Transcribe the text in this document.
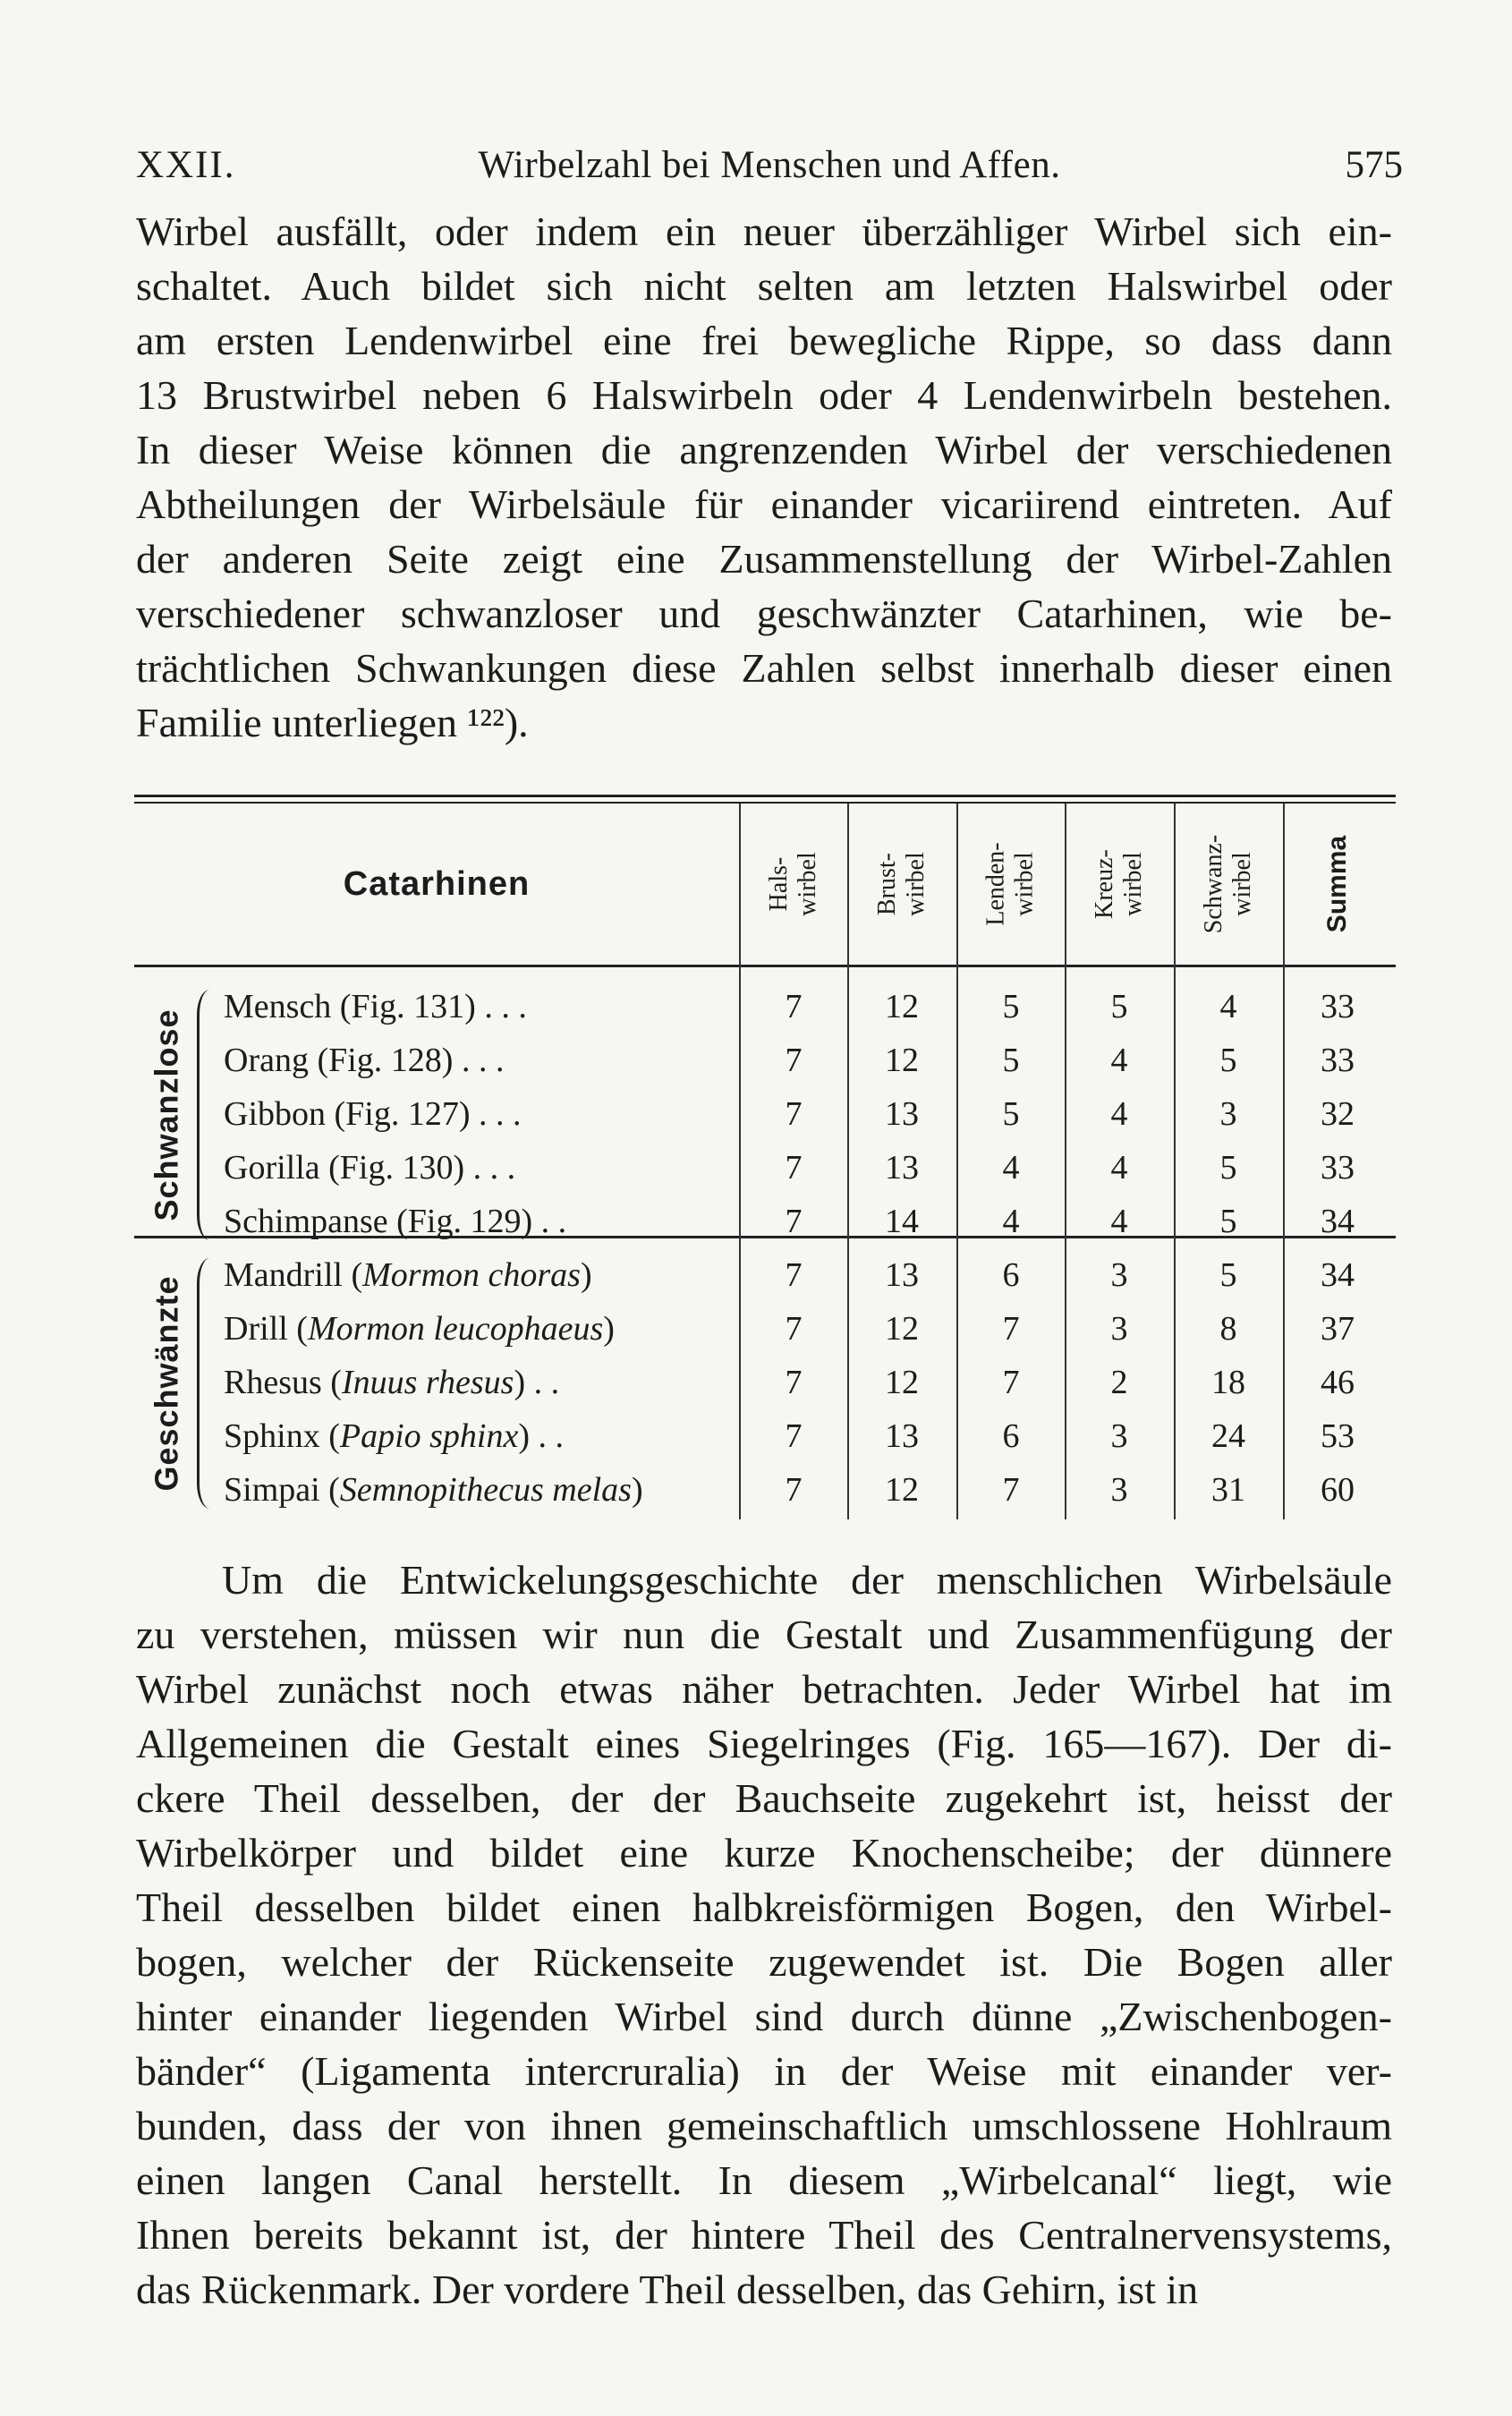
XXII.	Wirbelzahl bei Menschen und Affen.	575

Wirbel ausfällt, oder indem ein neuer überzähliger Wirbel sich ein-

schaltet. Auch bildet sich nicht selten am letzten Halswirbel oder

am ersten Lendenwirbel eine frei bewegliche Rippe, so dass dann

13 Brustwirbel neben 6 Halswirbeln oder 4 Lendenwirbeln bestehen.

In dieser Weise können die angrenzenden Wirbel der verschiedenen

Abtheilungen der Wirbelsäule für einander vicariirend eintreten. Auf

der anderen Seite zeigt eine Zusammenstellung der Wirbel-Zahlen

verschiedener schwanzloser und geschwänzter Catarhinen, wie be-

trächtlichen Schwankungen diese Zahlen selbst innerhalb dieser einen

Familie unterliegen ¹²²).

Catarhinen	Hals-
wirbel Brust-
wirbel Lenden-
wirbel Kreuz-
wirbel Schwanz-
wirbel Summa
Schwanzlose
Mensch (Fig. 131) . . .	7	12	5	5	4	33
Orang (Fig. 128) . . .	7	12	5	4	5	33
Gibbon (Fig. 127) . . .	7	13	5	4	3	32
Gorilla (Fig. 130) . . .	7	13	4	4	5	33
Schimpanse (Fig. 129) . .	7	14	4	4	5	34
Geschwänzte
Mandrill (Mormon choras)	7	13	6	3	5	34
Drill (Mormon leucophaeus)	7	12	7	3	8	37
Rhesus (Inuus rhesus) . .	7	12	7	2	18	46
Sphinx (Papio sphinx) . .	7	13	6	3	24	53
Simpai (Semnopithecus melas)	7	12	7	3	31	60

Um die Entwickelungsgeschichte der menschlichen Wirbelsäule

zu verstehen, müssen wir nun die Gestalt und Zusammenfügung der

Wirbel zunächst noch etwas näher betrachten. Jeder Wirbel hat im

Allgemeinen die Gestalt eines Siegelringes (Fig. 165—167). Der di-

ckere Theil desselben, der der Bauchseite zugekehrt ist, heisst der

Wirbelkörper und bildet eine kurze Knochenscheibe; der dünnere

Theil desselben bildet einen halbkreisförmigen Bogen, den Wirbel-

bogen, welcher der Rückenseite zugewendet ist. Die Bogen aller

hinter einander liegenden Wirbel sind durch dünne „Zwischenbogen-

bänder“ (Ligamenta intercruralia) in der Weise mit einander ver-

bunden, dass der von ihnen gemeinschaftlich umschlossene Hohlraum

einen langen Canal herstellt. In diesem „Wirbelcanal“ liegt, wie

Ihnen bereits bekannt ist, der hintere Theil des Centralnervensystems,

das Rückenmark. Der vordere Theil desselben, das Gehirn, ist in
